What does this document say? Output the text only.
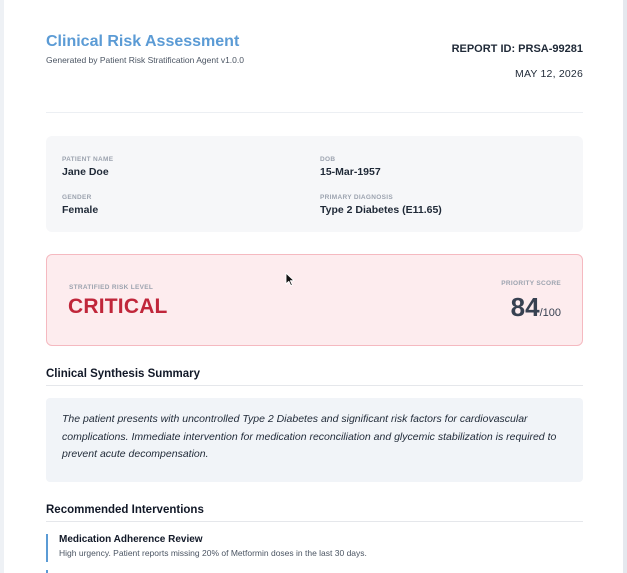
Clinical Risk Assessment
Generated by Patient Risk Stratification Agent v1.0.0
REPORT ID: PRSA-99281
MAY 12, 2026
PATIENT NAME
Jane Doe
DOB
15-Mar-1957
GENDER
Female
PRIMARY DIAGNOSIS
Type 2 Diabetes (E11.65)
STRATIFIED RISK LEVEL
CRITICAL
PRIORITY SCORE
84/100
Clinical Synthesis Summary

The patient presents with uncontrolled Type 2 Diabetes and significant risk factors for cardiovascular complications. Immediate intervention for medication reconciliation and glycemic stabilization is required to prevent acute decompensation.

Recommended Interventions
Medication Adherence Review
High urgency. Patient reports missing 20% of Metformin doses in the last 30 days.
